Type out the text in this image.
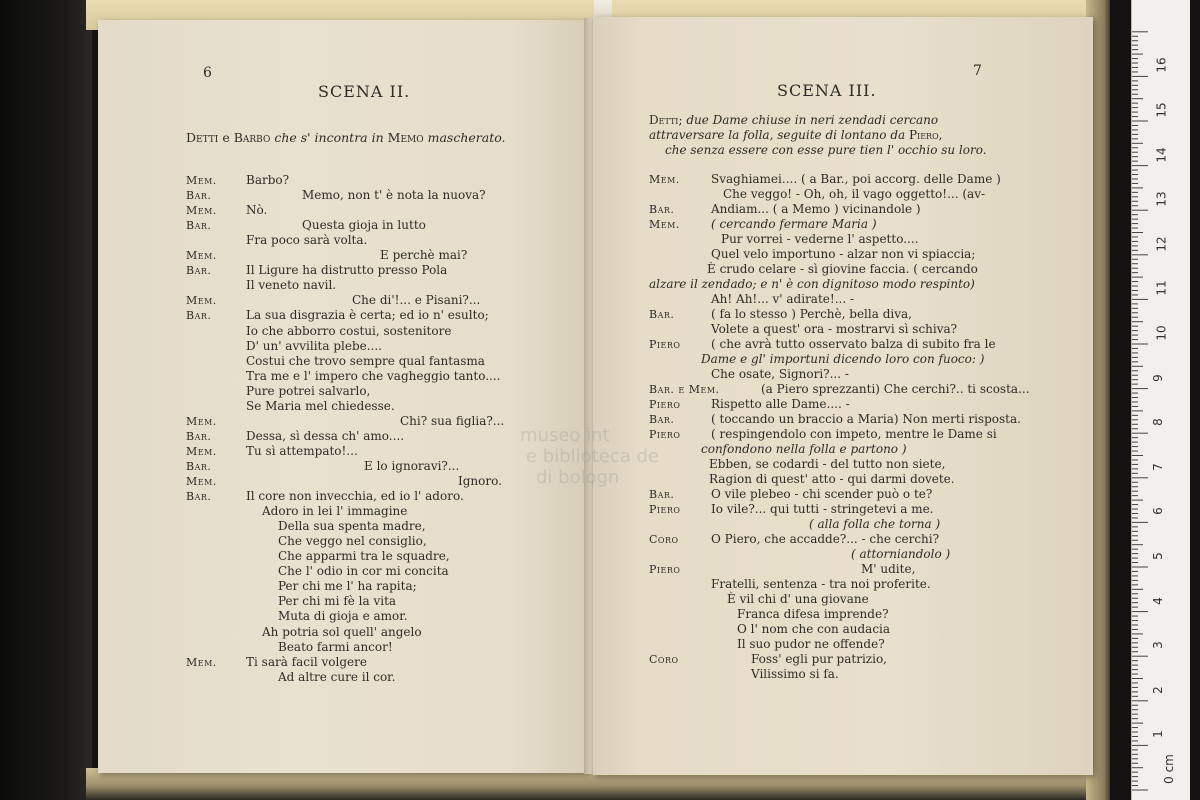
6
SCENA II.
Detti e Barbo che s' incontra in Memo mascherato.
Mem. Barbo?
Bar.	Memo, non t' è nota la nuova?
Mem. Nò.
Bar.	Questa gioja in lutto
Fra poco sarà volta.
Mem.	E perchè mai?
Bar.	Il Ligure ha distrutto presso Pola
Il veneto navil.
Mem.	Che di'!... e Pisani?...
Bar.	La sua disgrazia è certa; ed io n' esulto;
Io che abborro costui, sostenitore
D' un' avvilita plebe....
Costui che trovo sempre qual fantasma
Tra me e l' impero che vagheggio tanto....
Pure potrei salvarlo,
Se Maria mel chiedesse.
Mem.	Chi? sua figlia?...
Bar.	Dessa, sì dessa ch' amo....
Mem. Tu sì attempato!...
Bar.	E lo ignoravi?...
Mem.	Ignoro.
Bar.	Il core non invecchia, ed io l' adoro.
Adoro in lei l' immagine
Della sua spenta madre,
Che veggo nel consiglio,
Che apparmi tra le squadre,
Che l' odio in cor mi concita
Per chi me l' ha rapita;
Per chi mi fè la vita
Muta di gioja e amor.
Ah potria sol quell' angelo
Beato farmi ancor!
Mem. Ti sarà facil volgere
Ad altre cure il cor.
7
SCENA III.
Detti; due Dame chiuse in neri zendadi cercano
attraversare la folla, seguite di lontano da Piero,
che senza essere con esse pure tien l' occhio su loro.
Mem.	Svaghiamei.... ( a Bar., poi accorg. delle Dame )
Che veggo! - Oh, oh, il vago oggetto!... (av-
Bar.	Andiam... ( a Memo ) vicinandole )
Mem.	( cercando fermare Maria )
Pur vorrei - vederne l' aspetto....
Quel velo importuno - alzar non vi spiaccia;
È crudo celare - sì giovine faccia. ( cercando
alzare il zendado; e n' è con dignitoso modo respinto)
Ah! Ah!... v' adirate!... -
Bar.	( fa lo stesso ) Perchè, bella diva,
Volete a quest' ora - mostrarvi sì schiva?
Piero	( che avrà tutto osservato balza di subito fra le
Dame e gl' importuni dicendo loro con fuoco: )
Che osate, Signori?... -
Bar. e Mem.	(a Piero sprezzanti) Che cerchi?.. ti scosta...
Piero	Rispetto alle Dame.... -
Bar.	( toccando un braccio a Maria) Non merti risposta.
Piero	( respingendolo con impeto, mentre le Dame si
confondono nella folla e partono )
Ebben, se codardi - del tutto non siete,
Ragion di quest' atto - qui darmi dovete.
Bar.	O vile plebeo - chi scender può o te?
Piero	Io vile?... qui tutti - stringetevi a me.
( alla folla che torna )
Coro	O Piero, che accadde?... - che cerchi?
( attorniandolo )
Piero	M' udite,
Fratelli, sentenza - tra noi proferite.
È vil chi d' una giovane
Franca difesa imprende?
O l' nom che con audacia
Il suo pudor ne offende?
Coro	Foss' egli pur patrizio,
Vilissimo si fa.
museo int
e biblioteca de
di bologn
0 cm
1
2
3
4
5
6
7
8
9
10
11
12
13
14
15
16
